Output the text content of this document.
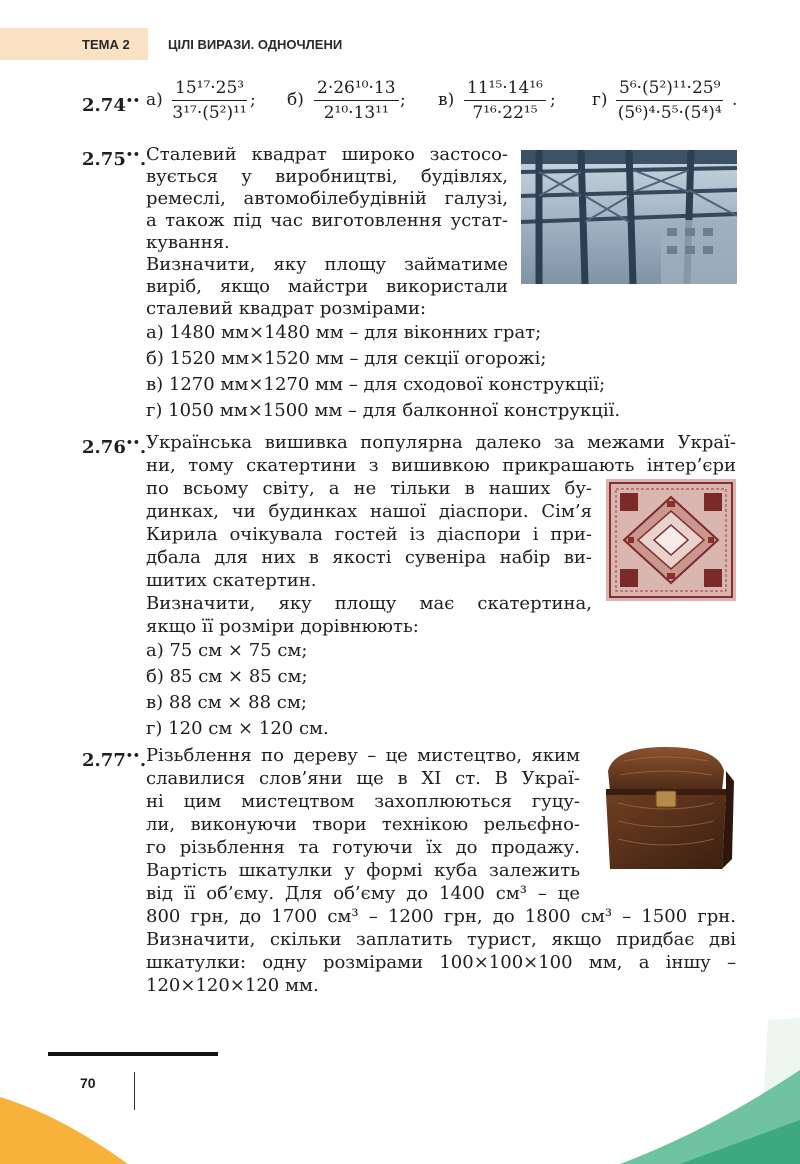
ТЕМА 2	ЦІЛІ ВИРАЗИ. ОДНОЧЛЕНИ
2.74•• $а) \frac{\text{15¹⁷·25³}}{\text{3¹⁷·(5²)¹¹}}$ ; $б) \frac{\text{2·26¹⁰·13}}{\text{2¹⁰·13¹¹}}$ ; $в) \frac{\text{11¹⁵·14¹⁶}}{\text{7¹⁶·22¹⁵}}$ ; $г) \frac{\text{5⁶·(5²)¹¹·25⁹}}{\text{(5⁶)⁴·5⁵·(5⁴)⁴}}$ .
2.75••. Сталевий квадрат широко застосо-
вується у виробництві, будівлях,
ремеслі, автомобілебудівній галузі,
а також під час виготовлення устат-
кування.
Визначити, яку площу займатиме
виріб, якщо майстри використали
сталевий квадрат розмірами:
а) 1480 мм×1480 мм – для віконних грат;
б) 1520 мм×1520 мм – для секції огорожі;
в) 1270 мм×1270 мм – для сходової конструкції;
г) 1050 мм×1500 мм – для балконної конструкції.
2.76••. Українська вишивка популярна далеко за межами Украї-
ни, тому скатертини з вишивкою прикрашають інтер’єри
по всьому світу, а не тільки в наших бу-
динках, чи будинках нашої діаспори. Сім’я
Кирила очікувала гостей із діаспори і при-
дбала для них в якості сувеніра набір ви-
шитих скатертин.
Визначити, яку площу має скатертина,
якщо її розміри дорівнюють:
а) 75 см × 75 см;
б) 85 см × 85 см;
в) 88 см × 88 см;
г) 120 см × 120 см.
2.77••. Різьблення по дереву – це мистецтво, яким
славилися слов’яни ще в XI ст. В Украї-
ні цим мистецтвом захоплюються гуцу-
ли, виконуючи твори технікою рельєфно-
го різьблення та готуючи їх до продажу.
Вартість шкатулки у формі куба залежить
від її об’єму. Для об’єму до 1400 см³ – це
800 грн, до 1700 см³ – 1200 грн, до 1800 см³ – 1500 грн.
Визначити, скільки заплатить турист, якщо придбає дві
шкатулки: одну розмірами 100×100×100 мм, а іншу –
120×120×120 мм.
70
